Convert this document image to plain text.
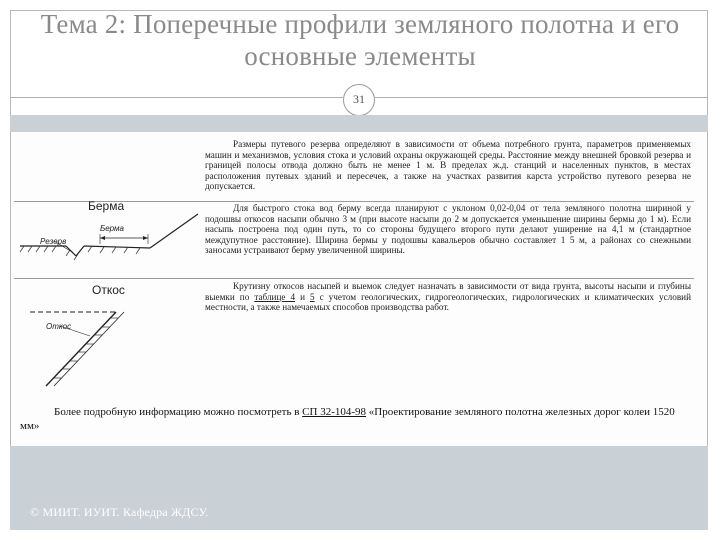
Тема 2: Поперечные профили земляного полотна и его основные элементы
31

Размеры путевого резерва определяют в зависимости от объема потребного грунта, параметров применяемых машин и механизмов, условия стока и условий охраны окружающей среды. Расстояние между внешней бровкой резерва и границей полосы отвода должно быть не менее 1 м. В пределах ж.д. станций и населенных пунктов, в местах расположения путевых зданий и пересечек, а также на участках развития карста устройство путевого резерва не допускается.

Для быстрого стока вод берму всегда планируют с уклоном 0,02-0,04 от тела земляного полотна шириной у подошвы откосов насыпи обычно 3 м (при высоте насыпи до 2 м допускается уменьшение ширины бермы до 1 м). Если насыпь построена под один путь, то со стороны будущего второго пути делают уширение на 4,1 м (стандартное междупутное расстояние). Ширина бермы у подошвы кавальеров обычно составляет 1 5 м, а районах со снежными заносами устраивают берму увеличенной ширины.

Крутизну откосов насыпей и выемок следует назначать в зависимости от вида грунта, высоты насыпи и глубины выемки по таблице 4 и 5 с учетом геологических, гидрогеологических, гидрологических и климатических условий местности, а также намечаемых способов производства работ.

Берма
Берма
Резерв
Откос
Откос

Более подробную информацию можно посмотреть в СП 32-104-98 «Проектирование земляного полотна железных дорог колеи 1520 мм»

© МИИТ. ИУИТ. Кафедра ЖДСУ.
